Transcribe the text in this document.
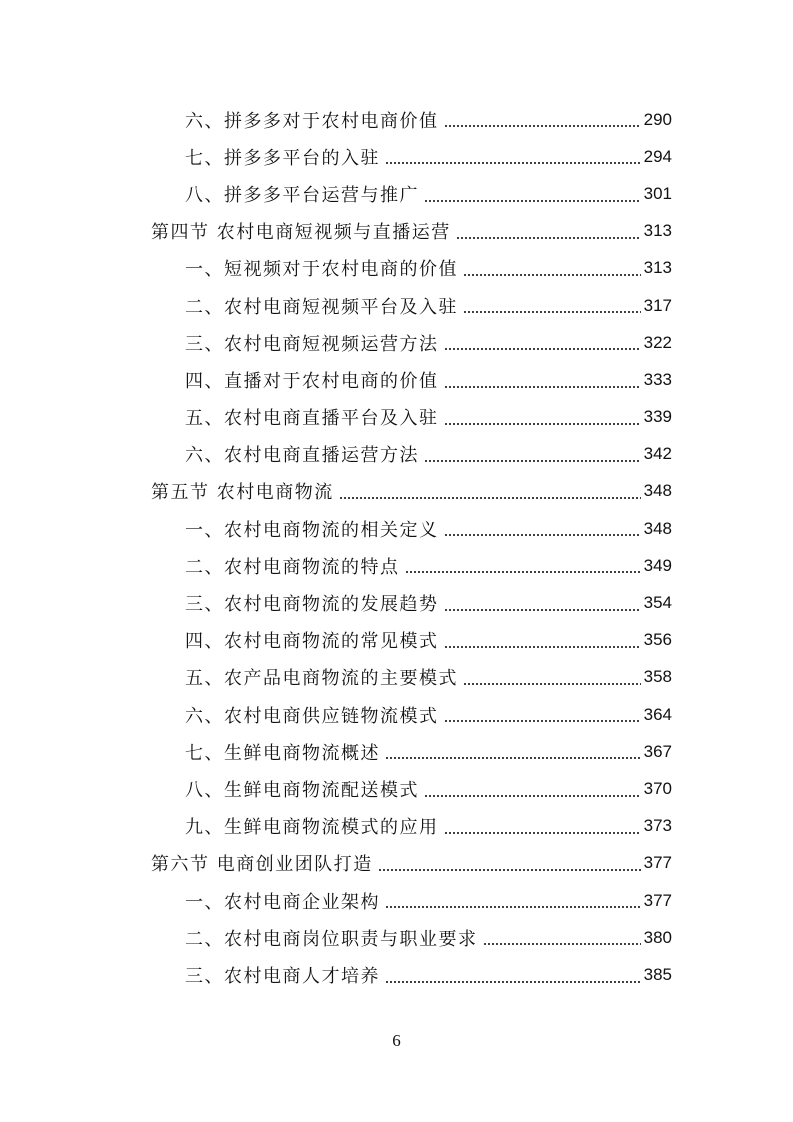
六、拼多多对于农村电商价值	290
七、拼多多平台的入驻	294
八、拼多多平台运营与推广	301
第四节 农村电商短视频与直播运营	313
一、短视频对于农村电商的价值	313
二、农村电商短视频平台及入驻	317
三、农村电商短视频运营方法	322
四、直播对于农村电商的价值	333
五、农村电商直播平台及入驻	339
六、农村电商直播运营方法	342
第五节 农村电商物流	348
一、农村电商物流的相关定义	348
二、农村电商物流的特点	349
三、农村电商物流的发展趋势	354
四、农村电商物流的常见模式	356
五、农产品电商物流的主要模式	358
六、农村电商供应链物流模式	364
七、生鲜电商物流概述	367
八、生鲜电商物流配送模式	370
九、生鲜电商物流模式的应用	373
第六节 电商创业团队打造	377
一、农村电商企业架构	377
二、农村电商岗位职责与职业要求	380
三、农村电商人才培养	385
6
